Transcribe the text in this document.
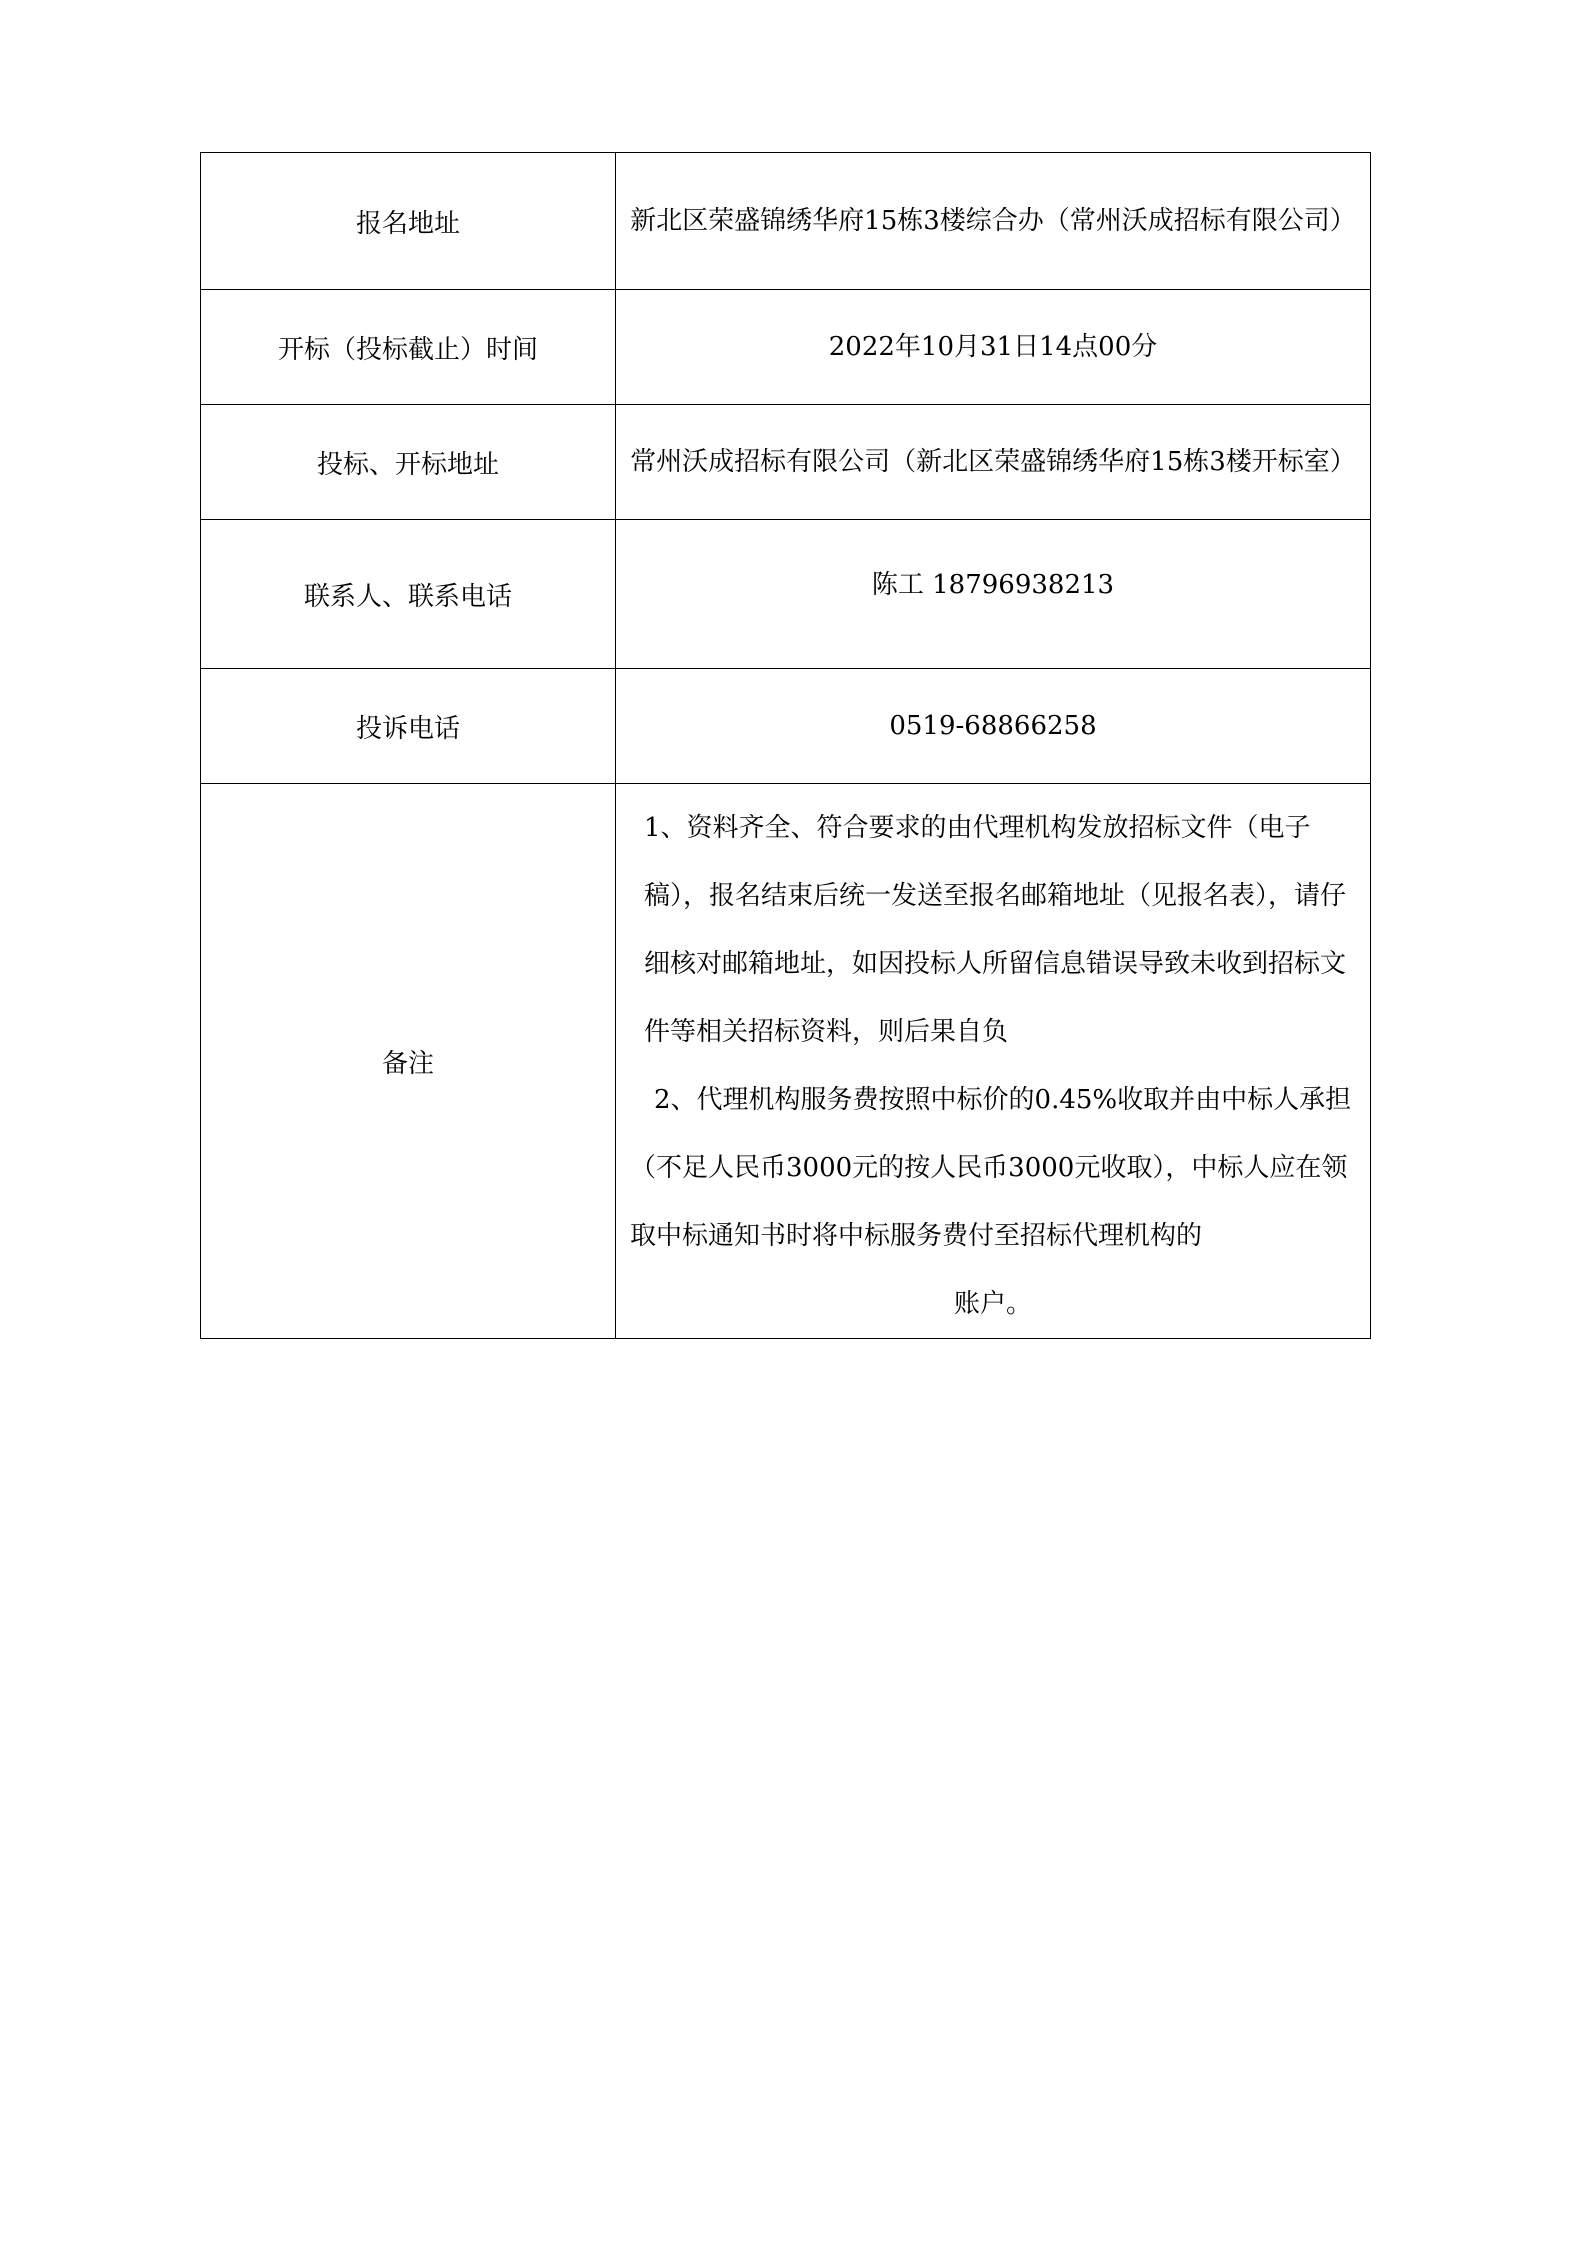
报名地址	新北区荣盛锦绣华府15栋3楼综合办（常州沃成招标有限公司）
开标（投标截止）时间	2022年10月31日14点00分
投标、开标地址	常州沃成招标有限公司（新北区荣盛锦绣华府15栋3楼开标室）
联系人、联系电话	陈工 18796938213
投诉电话	0519-68866258
备注	1、资料齐全、符合要求的由代理机构发放招标文件（电子稿），报名结束后统一发送至报名邮箱地址（见报名表），请仔细核对邮箱地址，如因投标人所留信息错误导致未收到招标文件等相关招标资料，则后果自负
2、代理机构服务费按照中标价的0.45%收取并由中标人承担（不足人民币3000元的按人民币3000元收取），中标人应在领取中标通知书时将中标服务费付至招标代理机构的
账户。
